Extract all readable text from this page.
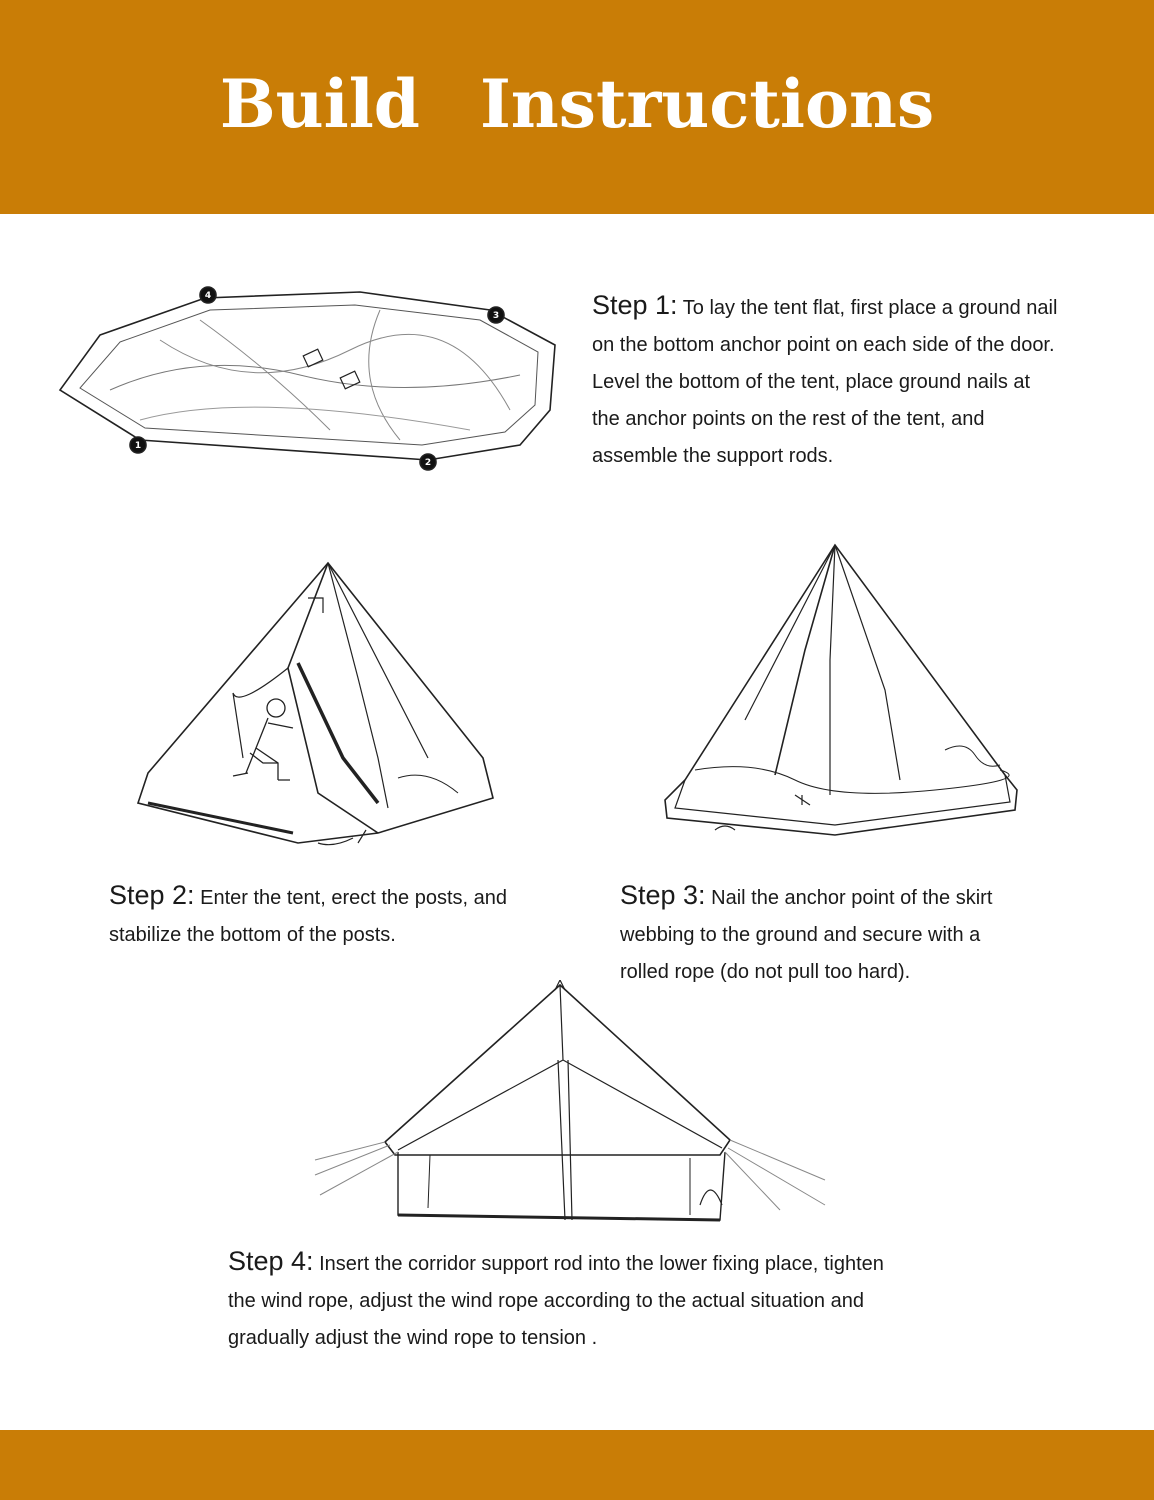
Build Instructions
4
3
1
2
Step 1: To lay the tent flat, first place a ground nail on the bottom anchor point on each side of the door. Level the bottom of the tent, place ground nails at the anchor points on the rest of the tent, and assemble the support rods.
Step 2: Enter the tent, erect the posts, and stabilize the bottom of the posts.
Step 3: Nail the anchor point of the skirt webbing to the ground and secure with a rolled rope (do not pull too hard).
Step 4: Insert the corridor support rod into the lower fixing place, tighten the wind rope, adjust the wind rope according to the actual situation and gradually adjust the wind rope to tension .
